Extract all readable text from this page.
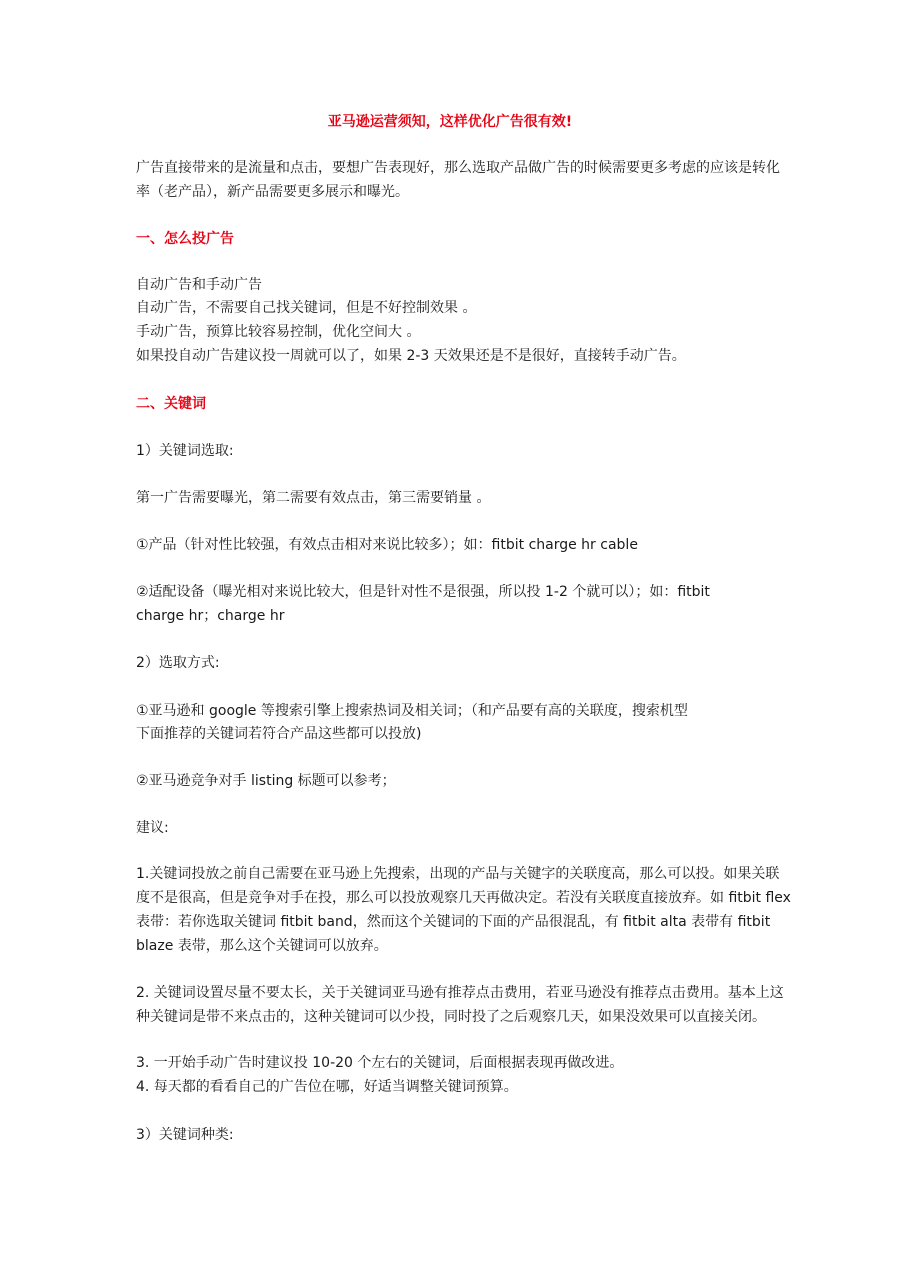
亚马逊运营须知，这样优化广告很有效!
广告直接带来的是流量和点击，要想广告表现好，那么选取产品做广告的时候需要更多考虑的应该是转化
率（老产品），新产品需要更多展示和曝光。
一、怎么投广告
自动广告和手动广告
自动广告，不需要自己找关键词，但是不好控制效果 。
手动广告，预算比较容易控制，优化空间大 。
如果投自动广告建议投一周就可以了，如果 2-3 天效果还是不是很好，直接转手动广告。
二、关键词
1）关键词选取:
第一广告需要曝光，第二需要有效点击，第三需要销量 。
①产品（针对性比较强，有效点击相对来说比较多）；如：fitbit charge hr cable
②适配设备（曝光相对来说比较大，但是针对性不是很强，所以投 1-2 个就可以）；如：fitbit
charge hr；charge hr
2）选取方式:
①亚马逊和 google 等搜索引擎上搜索热词及相关词；（和产品要有高的关联度，搜索机型
下面推荐的关键词若符合产品这些都可以投放)
②亚马逊竞争对手 listing 标题可以参考；
建议:
1.关键词投放之前自己需要在亚马逊上先搜索，出现的产品与关键字的关联度高，那么可以投。如果关联
度不是很高，但是竞争对手在投，那么可以投放观察几天再做决定。若没有关联度直接放弃。如 fitbit flex
表带：若你选取关键词 fitbit band，然而这个关键词的下面的产品很混乱，有 fitbit alta 表带有 fitbit
blaze 表带，那么这个关键词可以放弃。
2. 关键词设置尽量不要太长，关于关键词亚马逊有推荐点击费用，若亚马逊没有推荐点击费用。基本上这
种关键词是带不来点击的，这种关键词可以少投，同时投了之后观察几天，如果没效果可以直接关闭。
3. 一开始手动广告时建议投 10-20 个左右的关键词，后面根据表现再做改进。
4. 每天都的看看自己的广告位在哪，好适当调整关键词预算。
3）关键词种类:
